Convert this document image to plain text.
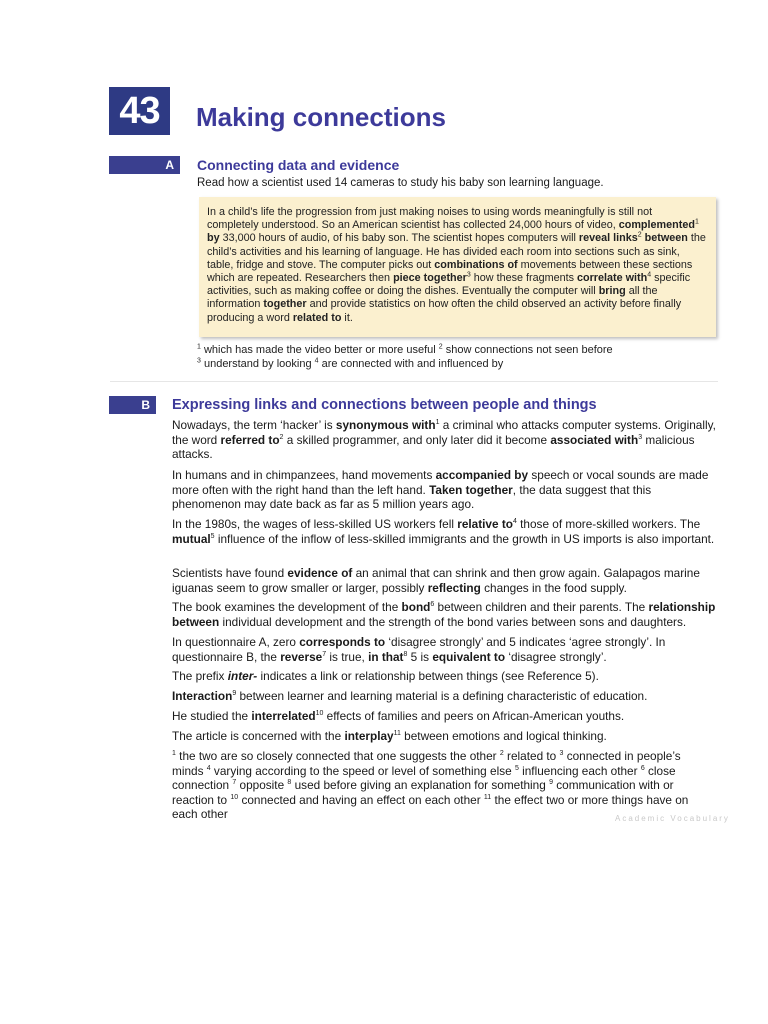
43	Making connections
A	Connecting data and evidence
Read how a scientist used 14 cameras to study his baby son learning language.
In a child’s life the progression from just making noises to using words meaningfully is still not completely understood. So an American scientist has collected 24,000 hours of video, complemented$^1$ by 33,000 hours of audio, of his baby son. The scientist hopes computers will reveal links$^2$ between the child’s activities and his learning of language. He has divided each room into sections such as sink, table, fridge and stove. The computer picks out combinations of movements between these sections which are repeated. Researchers then piece together$^3$ how these fragments correlate with$^4$ specific activities, such as making coffee or doing the dishes. Eventually the computer will bring all the information together and provide statistics on how often the child observed an activity before finally producing a word related to it.
$^1$ which has made the video better or more useful $^2$ show connections not seen before
$^3$ understand by looking $^4$ are connected with and influenced by
B	Expressing links and connections between people and things
Nowadays, the term ‘hacker’ is synonymous with$^1$ a criminal who attacks computer systems. Originally, the word referred $to^2$ a skilled programmer, and only later did it become associated with$^3$ malicious attacks.
In humans and in chimpanzees, hand movements accompanied by speech or vocal sounds are made more often with the right hand than the left hand. Taken together, the data suggest that this phenomenon may date back as far as 5 million years ago.
In the 1980s, the wages of less-skilled US workers fell relative $to^4$ those of more-skilled workers. The mutual$^5$ influence of the inflow of less-skilled immigrants and the growth in US imports is also important.
Scientists have found evidence of an animal that can shrink and then grow again. Galapagos marine iguanas seem to grow smaller or larger, possibly reflecting changes in the food supply.
The book examines the development of the bond$^6$ between children and their parents. The relationship between individual development and the strength of the bond varies between sons and daughters.
In questionnaire A, zero corresponds to ‘disagree strongly’ and 5 indicates ‘agree strongly’. In questionnaire B, the reverse$^7$ is true, in that$^8$ 5 is equivalent to ‘disagree strongly’.
The prefix inter- indicates a link or relationship between things (see Reference 5).
Interaction$^9$ between learner and learning material is a defining characteristic of education.
He studied the interrelated$^{10}$ effects of families and peers on African-American youths.
The article is concerned with the interplay$^{11}$ between emotions and logical thinking.
$^1$ the two are so closely connected that one suggests the other $^2$ related to $^3$ connected in people’s minds $^4$ varying according to the speed or level of something else $^5$ influencing each other $^6$ close connection $^7$ opposite $^8$ used before giving an explanation for something $^9$ communication with or reaction to $^{10}$ connected and having an effect on each other $^{11}$ the effect two or more things have on each other	Academic Vocabulary
